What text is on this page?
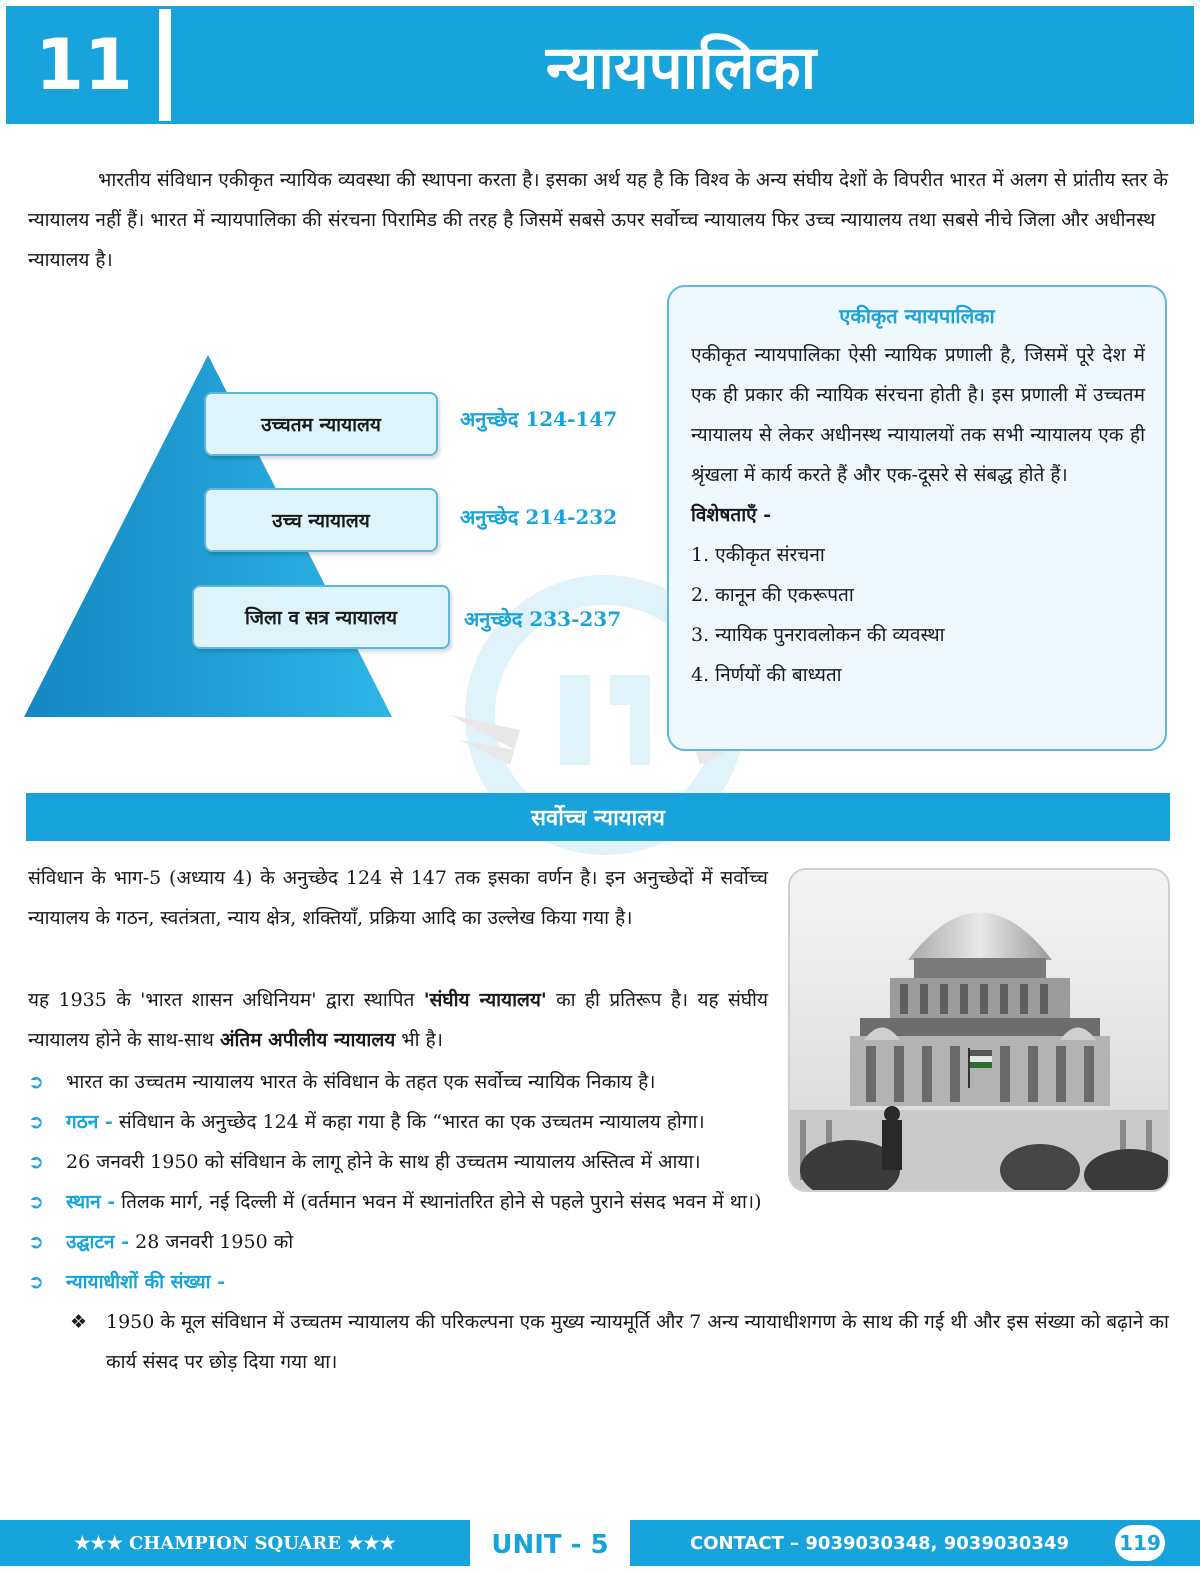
11	न्यायपालिका

भारतीय संविधान एकीकृत न्यायिक व्यवस्था की स्थापना करता है। इसका अर्थ यह है कि विश्व के अन्य संघीय देशों के विपरीत भारत में अलग से प्रांतीय स्तर के न्यायालय नहीं हैं। भारत में न्यायपालिका की संरचना पिरामिड की तरह है जिसमें सबसे ऊपर सर्वोच्च न्यायालय फिर उच्च न्यायालय तथा सबसे नीचे जिला और अधीनस्थ
न्यायालय है।

उच्चतम न्यायालय
उच्च न्यायालय
जिला व सत्र न्यायालय
अनुच्छेद 124-147
अनुच्छेद 214-232
अनुच्छेद 233-237
एकीकृत न्यायपालिका

एकीकृत न्यायपालिका ऐसी न्यायिक प्रणाली है, जिसमें पूरे देश में एक ही प्रकार की न्यायिक संरचना होती है। इस प्रणाली में उच्चतम न्यायालय से लेकर अधीनस्थ न्यायालयों तक सभी न्यायालय एक ही श्रृंखला में कार्य करते हैं और एक-दूसरे से संबद्ध होते हैं।

विशेषताएँ -

1. एकीकृत संरचना
2. कानून की एकरूपता
3. न्यायिक पुनरावलोकन की व्यवस्था
4. निर्णयों की बाध्यता
सर्वोच्च न्यायालय

संविधान के भाग-5 (अध्याय 4) के अनुच्छेद 124 से 147 तक इसका वर्णन है। इन अनुच्छेदों में सर्वोच्च न्यायालय के गठन, स्वतंत्रता, न्याय क्षेत्र, शक्तियाँ, प्रक्रिया आदि का उल्लेख किया गया है।

यह 1935 के 'भारत शासन अधिनियम' द्वारा स्थापित 'संघीय न्यायालय' का ही प्रतिरूप है। यह संघीय न्यायालय होने के साथ-साथ अंतिम अपीलीय न्यायालय भी है।

➲ भारत का उच्चतम न्यायालय भारत के संविधान के तहत एक सर्वोच्च न्यायिक निकाय है।
➲ गठन - संविधान के अनुच्छेद 124 में कहा गया है कि “भारत का एक उच्चतम न्यायालय होगा।
➲ 26 जनवरी 1950 को संविधान के लागू होने के साथ ही उच्चतम न्यायालय अस्तित्व में आया।
➲ स्थान - तिलक मार्ग, नई दिल्ली में (वर्तमान भवन में स्थानांतरित होने से पहले पुराने संसद भवन में था।)
➲ उद्घाटन - 28 जनवरी 1950 को
➲ न्यायाधीशों की संख्या -
❖ 1950 के मूल संविधान में उच्चतम न्यायालय की परिकल्पना एक मुख्य न्यायमूर्ति और 7 अन्य न्यायाधीशगण के साथ की गई थी और इस संख्या को बढ़ाने का कार्य संसद पर छोड़ दिया गया था।
★★★ CHAMPION SQUARE ★★★	UNIT - 5	CONTACT – 9039030348, 9039030349	119
